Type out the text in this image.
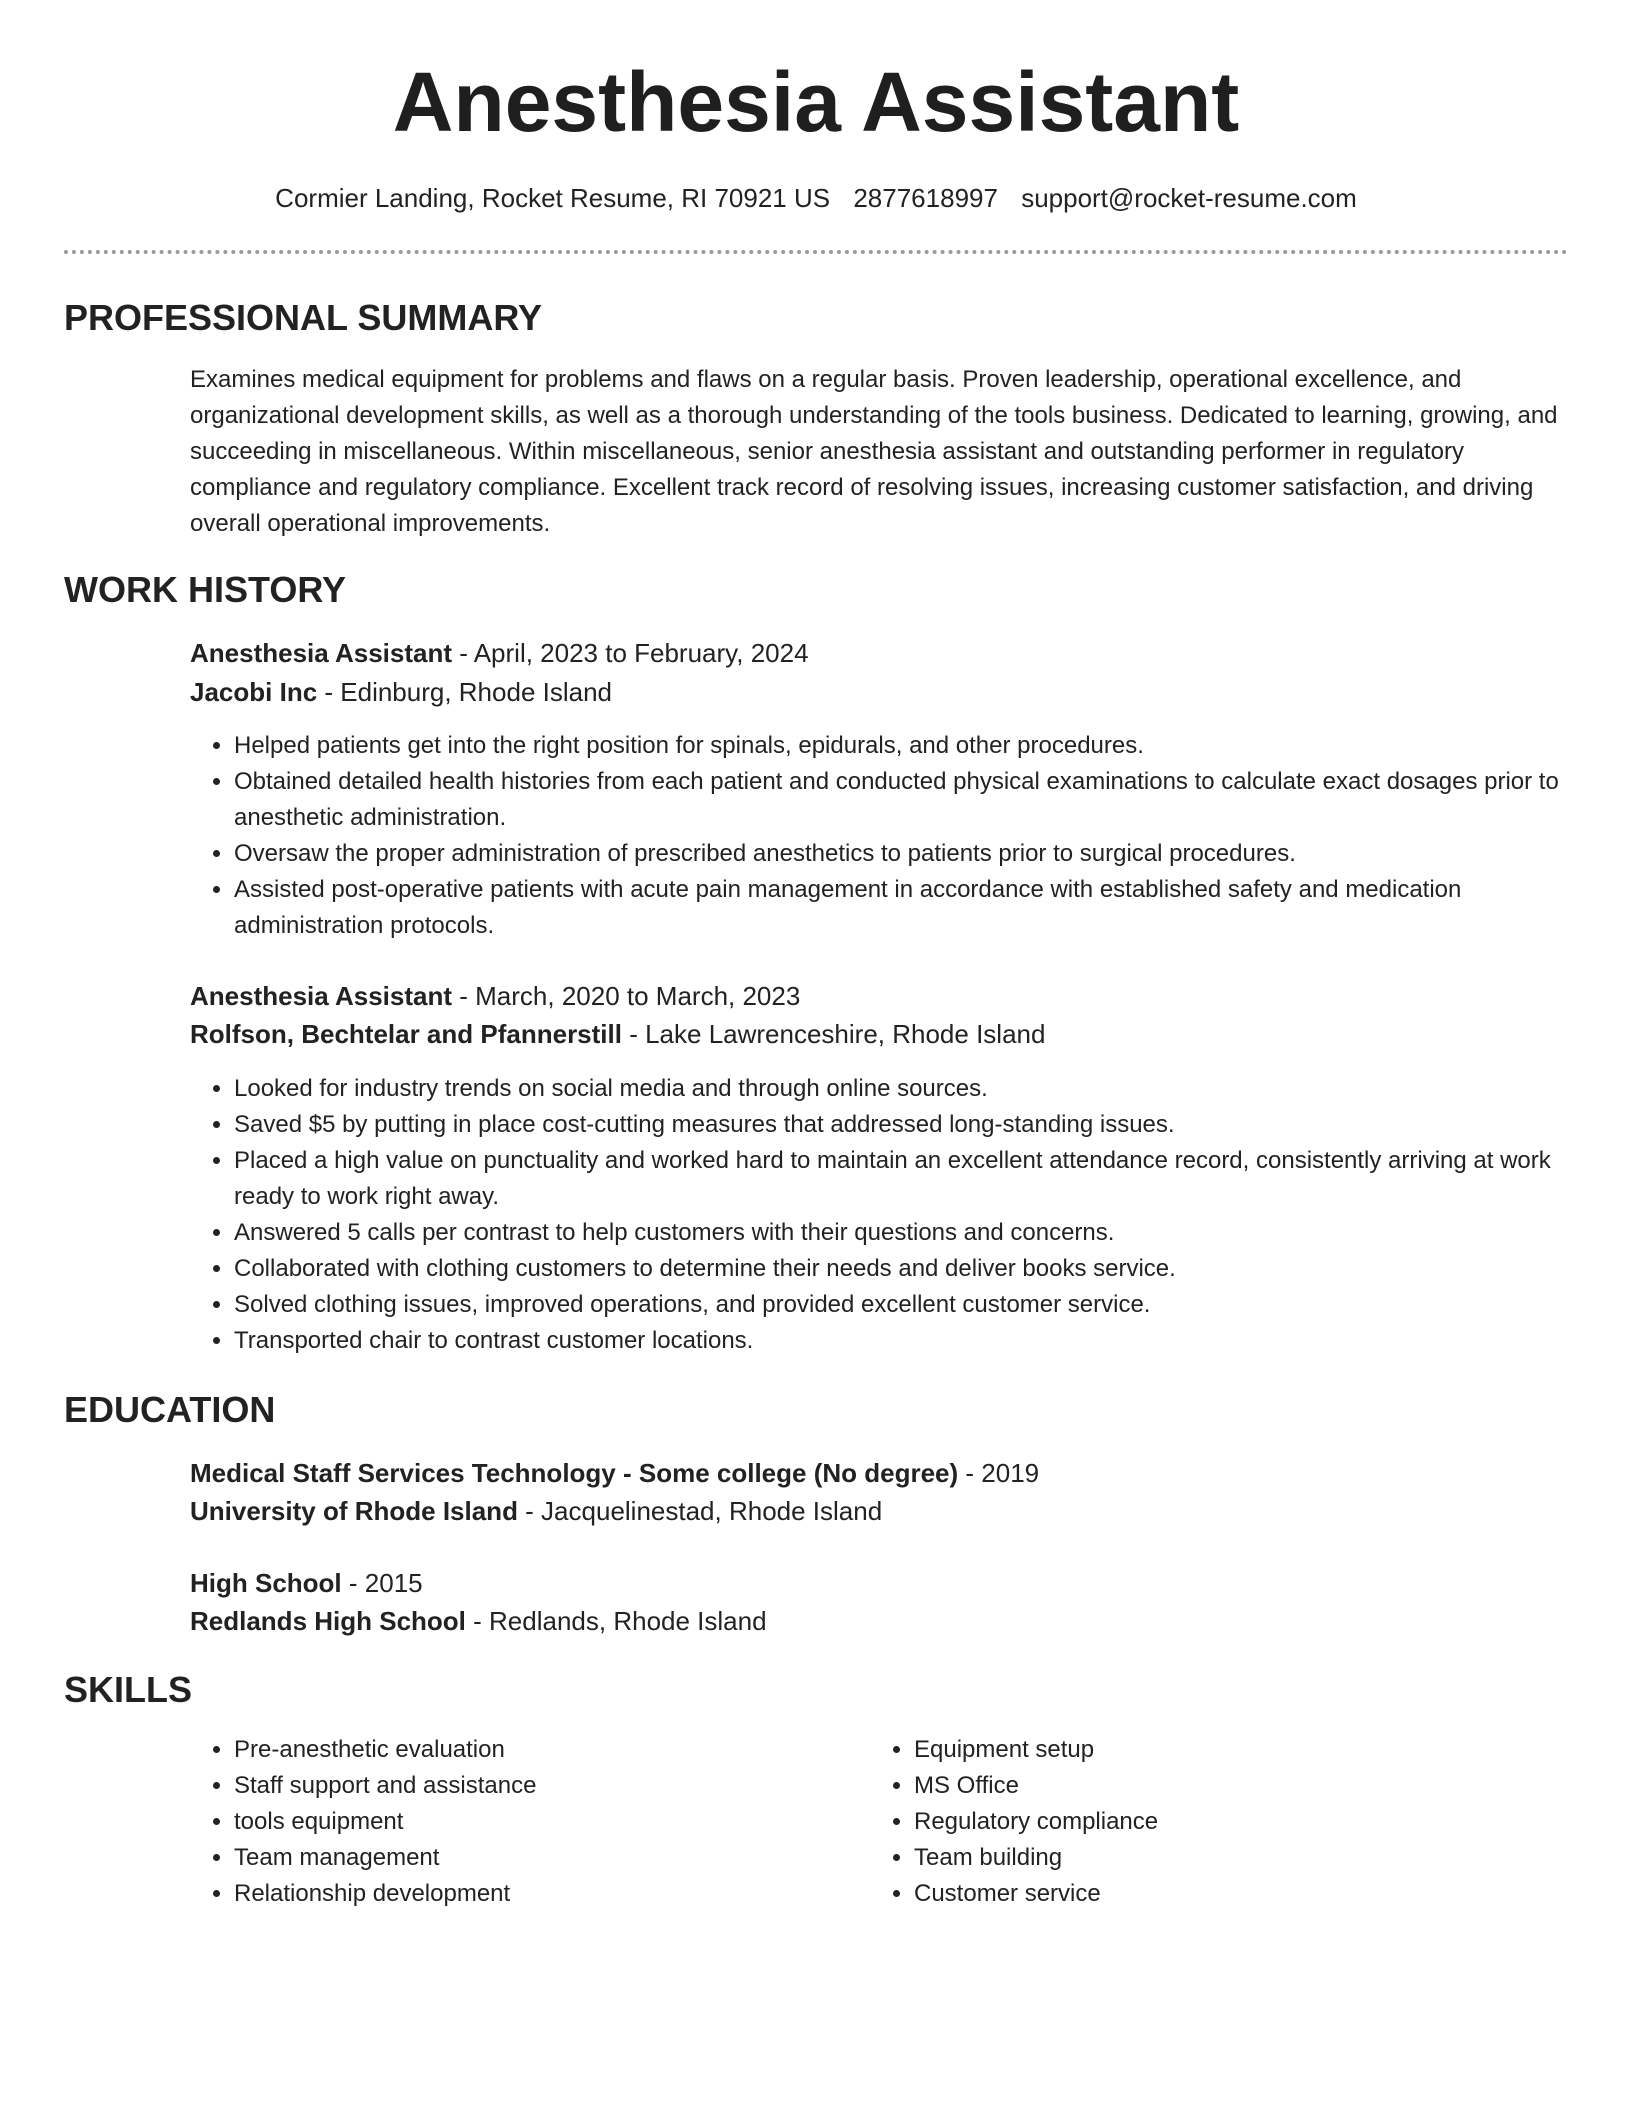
Anesthesia Assistant
Cormier Landing, Rocket Resume, RI 70921 US 2877618997 support@rocket-resume.com
PROFESSIONAL SUMMARY
Examines medical equipment for problems and flaws on a regular basis. Proven leadership, operational excellence, and organizational development skills, as well as a thorough understanding of the tools business. Dedicated to learning, growing, and succeeding in miscellaneous. Within miscellaneous, senior anesthesia assistant and outstanding performer in regulatory compliance and regulatory compliance. Excellent track record of resolving issues, increasing customer satisfaction, and driving overall operational improvements.
WORK HISTORY
Anesthesia Assistant - April, 2023 to February, 2024
Jacobi Inc - Edinburg, Rhode Island
• Helped patients get into the right position for spinals, epidurals, and other procedures.
• Obtained detailed health histories from each patient and conducted physical examinations to calculate exact dosages prior to anesthetic administration.
• Oversaw the proper administration of prescribed anesthetics to patients prior to surgical procedures.
• Assisted post-operative patients with acute pain management in accordance with established safety and medication administration protocols.
Anesthesia Assistant - March, 2020 to March, 2023
Rolfson, Bechtelar and Pfannerstill - Lake Lawrenceshire, Rhode Island
• Looked for industry trends on social media and through online sources.
• Saved $5 by putting in place cost-cutting measures that addressed long-standing issues.
• Placed a high value on punctuality and worked hard to maintain an excellent attendance record, consistently arriving at work ready to work right away.
• Answered 5 calls per contrast to help customers with their questions and concerns.
• Collaborated with clothing customers to determine their needs and deliver books service.
• Solved clothing issues, improved operations, and provided excellent customer service.
• Transported chair to contrast customer locations.
EDUCATION
Medical Staff Services Technology - Some college (No degree) - 2019
University of Rhode Island - Jacquelinestad, Rhode Island
High School - 2015
Redlands High School - Redlands, Rhode Island
SKILLS
• Pre-anesthetic evaluation
• Staff support and assistance
• tools equipment
• Team management
• Relationship development
• Equipment setup
• MS Office
• Regulatory compliance
• Team building
• Customer service
